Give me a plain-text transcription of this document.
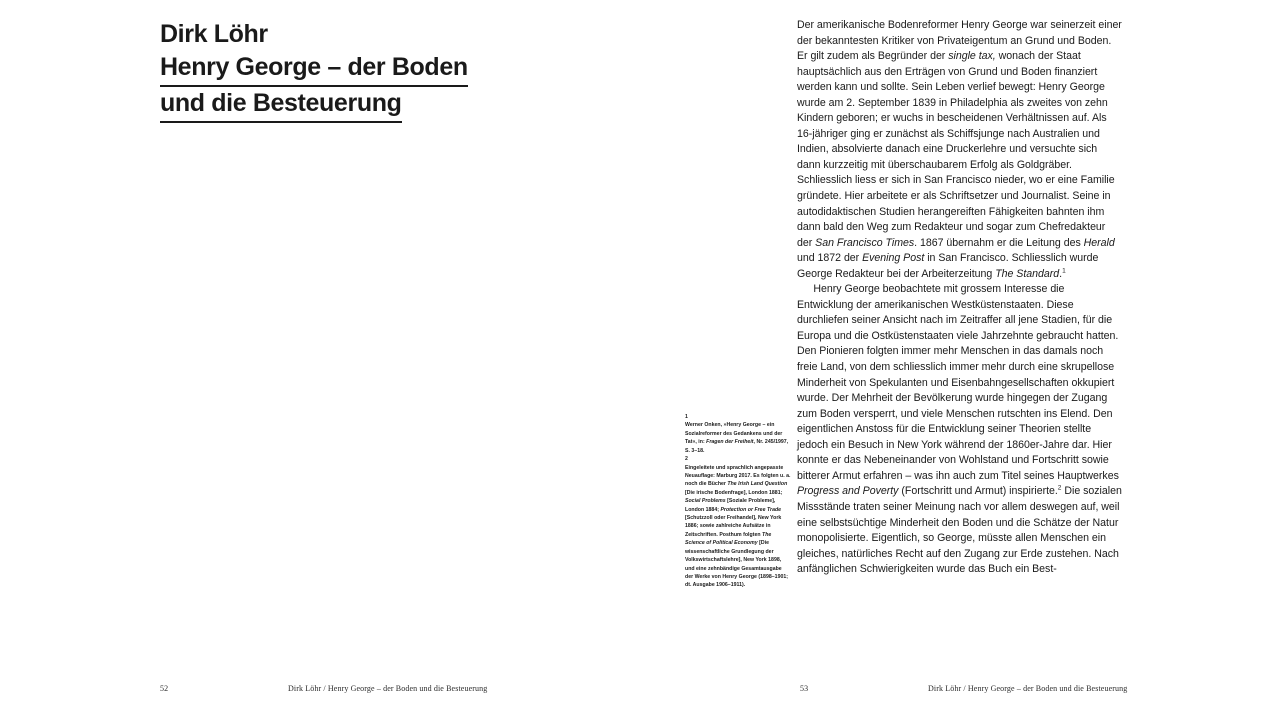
Dirk Löhr

Henry George – der Boden

und die Besteuerung

52	Dirk Löhr / Henry George – der Boden und die Besteuerung

1
Werner Onken, »Henry George – ein Sozialreformer des Gedankens und der Tat«, in: Fragen der Freiheit, Nr. 245/1997, S. 3–18.

2
Eingeleitete und sprachlich angepasste Neuauflage: Marburg 2017. Es folgten u. a. noch die Bücher The Irish Land Question [Die irische Bodenfrage], London 1881; Social Problems [Soziale Probleme], London 1884; Protection or Free Trade [Schutzzoll oder Freihandel], New York 1886; sowie zahlreiche Aufsätze in Zeitschriften. Posthum folgten The Science of Political Economy [Die wissenschaftliche Grundlegung der Volkswirtschaftslehre], New York 1898, und eine zehnbändige Gesamtausgabe der Werke von Henry George (1898–1901; dt. Ausgabe 1906–1911).

Der amerikanische Bodenreformer Henry George war seinerzeit einer der bekanntesten Kritiker von Privateigentum an Grund und Boden. Er gilt zudem als Begründer der single tax, wonach der Staat hauptsächlich aus den Erträgen von Grund und Boden finanziert werden kann und sollte. Sein Leben verlief bewegt: Henry George wurde am 2. September 1839 in Philadelphia als zweites von zehn Kindern geboren; er wuchs in bescheidenen Verhältnissen auf. Als 16-jähriger ging er zunächst als Schiffsjunge nach Australien und Indien, absolvierte danach eine Druckerlehre und versuchte sich dann kurzzeitig mit überschaubarem Erfolg als Goldgräber. Schliesslich liess er sich in San Francisco nieder, wo er eine Familie gründete. Hier arbeitete er als Schriftsetzer und Journalist. Seine in autodidaktischen Studien herangereiften Fähigkeiten bahnten ihm dann bald den Weg zum Redakteur und sogar zum Chefredakteur der San Francisco Times. 1867 übernahm er die Leitung des Herald und 1872 der Evening Post in San Francisco. Schliesslich wurde George Redakteur bei der Arbeiterzeitung The Standard.$^1$

Henry George beobachtete mit grossem Interesse die Entwicklung der amerikanischen Westküstenstaaten. Diese durchliefen seiner Ansicht nach im Zeitraffer all jene Stadien, für die Europa und die Ostküstenstaaten viele Jahrzehnte gebraucht hatten. Den Pionieren folgten immer mehr Menschen in das damals noch freie Land, von dem schliesslich immer mehr durch eine skrupellose Minderheit von Spekulanten und Eisenbahngesellschaften okkupiert wurde. Der Mehrheit der Bevölkerung wurde hingegen der Zugang zum Boden versperrt, und viele Menschen rutschten ins Elend. Den eigentlichen Anstoss für die Entwicklung seiner Theorien stellte jedoch ein Besuch in New York während der 1860er-Jahre dar. Hier konnte er das Nebeneinander von Wohlstand und Fortschritt sowie bitterer Armut erfahren – was ihn auch zum Titel seines Hauptwerkes Progress and Poverty (Fortschritt und Armut) inspirierte.$^2$ Die sozialen Missstände traten seiner Meinung nach vor allem deswegen auf, weil eine selbstsüchtige Minderheit den Boden und die Schätze der Natur monopolisierte. Eigentlich, so George, müsste allen Menschen ein gleiches, natürliches Recht auf den Zugang zur Erde zustehen. Nach anfänglichen Schwierigkeiten wurde das Buch ein Best-

53	Dirk Löhr / Henry George – der Boden und die Besteuerung
